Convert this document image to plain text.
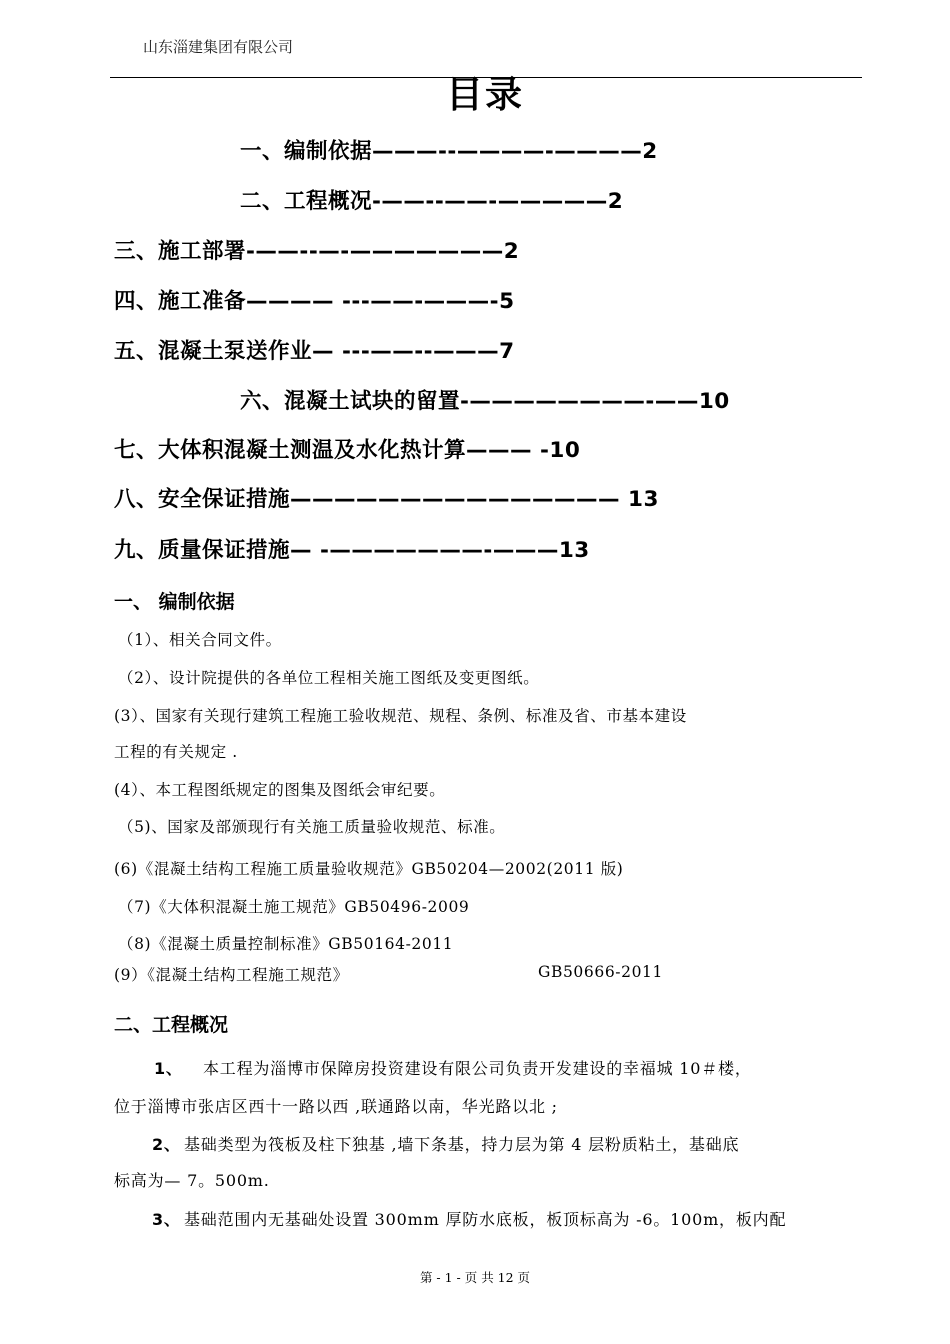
山东淄建集团有限公司
目录
一、编制依据———--————-————2
二、工程概况-——--——-—————2
三、施工部署-——--—-———————2
四、施工准备———— ---——-———-5
五、混凝土泵送作业— ---——--———7
六、混凝土试块的留置-————————-——10
七、大体积混凝土测温及水化热计算——— -10
八、安全保证措施——————————————— 13
九、质量保证措施— -———————-———13
一、 编制依据
（1）、相关合同文件。
（2）、设计院提供的各单位工程相关施工图纸及变更图纸。
(3）、国家有关现行建筑工程施工验收规范、规程、条例、标准及省、市基本建设
工程的有关规定 .
(4）、本工程图纸规定的图集及图纸会审纪要。
（5)、国家及部颁现行有关施工质量验收规范、标准。
(6)《混凝土结构工程施工质量验收规范》GB50204—2002(2011 版)
（7)《大体积混凝土施工规范》GB50496-2009
（8)《混凝土质量控制标准》GB50164-2011
(9）《混凝土结构工程施工规范》	GB50666-2011
二、工程概况
1、 本工程为淄博市保障房投资建设有限公司负责开发建设的幸福城 10＃楼，
位于淄博市张店区西十一路以西 ,联通路以南，华光路以北 ;
2、 基础类型为筏板及柱下独基 ,墙下条基，持力层为第 4 层粉质粘土，基础底
标高为— 7。500m.
3、 基础范围内无基础处设置 300mm 厚防水底板，板顶标高为 -6。100m，板内配
第 - 1 - 页 共 12 页
